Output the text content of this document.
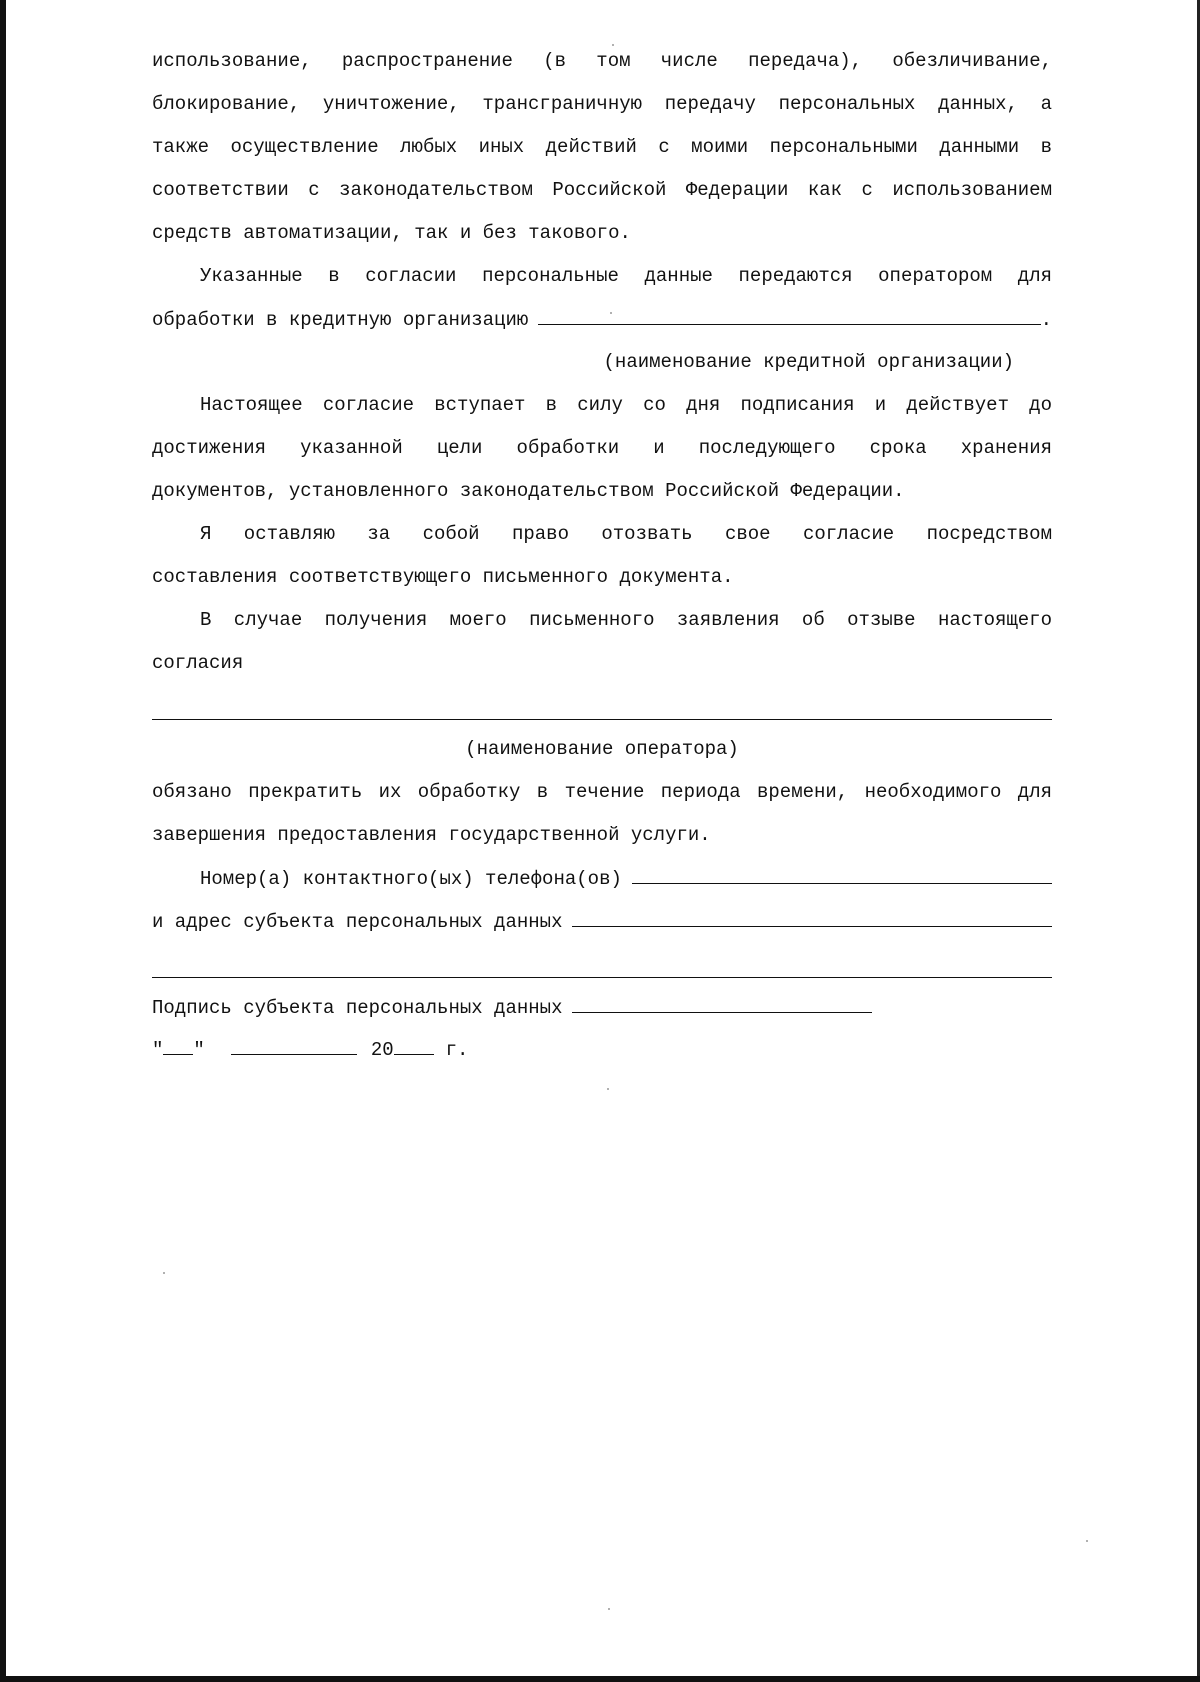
использование, распространение (в том числе передача), обезличивание,
блокирование, уничтожение, трансграничную передачу персональных данных, а
также осуществление любых иных действий с моими персональными данными в
соответствии с законодательством Российской Федерации как с использованием
средств автоматизации, так и без такового.
Указанные в согласии персональные данные передаются оператором для
обработки в кредитную организацию	.
(наименование кредитной организации)
Настоящее согласие вступает в силу со дня подписания и действует до
достижения указанной цели обработки и последующего срока хранения
документов, установленного законодательством Российской Федерации.
Я оставляю за собой право отозвать свое согласие посредством
составления соответствующего письменного документа.
В случае получения моего письменного заявления об отзыве настоящего
согласия
(наименование оператора)
обязано прекратить их обработку в течение периода времени, необходимого для
завершения предоставления государственной услуги.
Номер(а) контактного(ых) телефона(ов)
и адрес субъекта персональных данных
Подпись субъекта персональных данных
" "	20	г.
